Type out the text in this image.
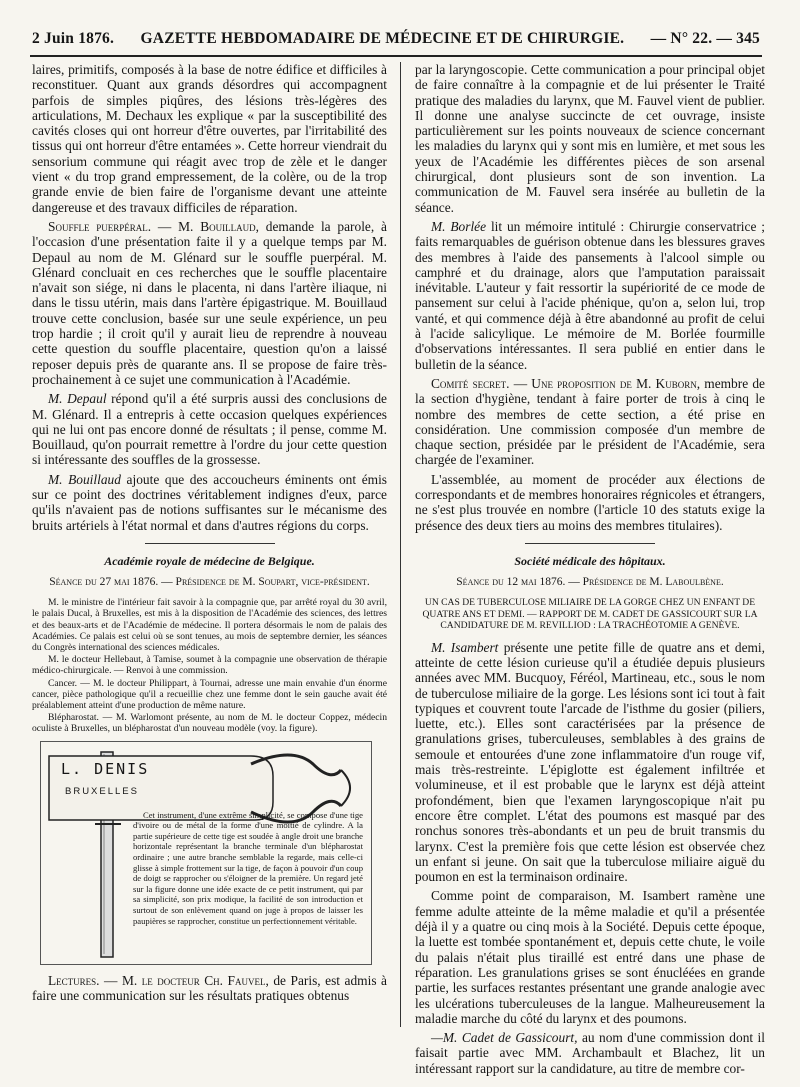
2 Juin 1876. GAZETTE HEBDOMADAIRE DE MÉDECINE ET DE CHIRURGIE. — N° 22. — 345

laires, primitifs, composés à la base de notre édifice et difficiles à reconstituer. Quant aux grands désordres qui accompagnent parfois de simples piqûres, des lésions très-légères des articulations, M. Dechaux les explique « par la susceptibilité des cavités closes qui ont horreur d'être ouvertes, par l'irritabilité des tissus qui ont horreur d'être entamées ». Cette horreur viendrait du sensorium commune qui réagit avec trop de zèle et le danger vient « du trop grand empressement, de la colère, ou de la trop grande envie de bien faire de l'organisme devant une atteinte dangereuse et des travaux difficiles de réparation.

Souffle puerpéral. — M. Bouillaud, demande la parole, à l'occasion d'une présentation faite il y a quelque temps par M. Depaul au nom de M. Glénard sur le souffle puerpéral. M. Glénard concluait en ces recherches que le souffle placentaire n'avait son siége, ni dans le placenta, ni dans l'artère iliaque, ni dans le tissu utérin, mais dans l'artère épigastrique. M. Bouillaud trouve cette conclusion, basée sur une seule expérience, un peu trop hardie ; il croit qu'il y aurait lieu de reprendre à nouveau cette question du souffle placentaire, question qu'on a laissé reposer depuis près de quarante ans. Il se propose de faire très-prochainement à ce sujet une communication à l'Académie.

M. Depaul répond qu'il a été surpris aussi des conclusions de M. Glénard. Il a entrepris à cette occasion quelques expériences qui ne lui ont pas encore donné de résultats ; il pense, comme M. Bouillaud, qu'on pourrait remettre à l'ordre du jour cette question si intéressante des souffles de la grossesse.

M. Bouillaud ajoute que des accoucheurs éminents ont émis sur ce point des doctrines véritablement indignes d'eux, parce qu'ils n'avaient pas de notions suffisantes sur le mécanisme des bruits artériels à l'état normal et dans d'autres régions du corps.

Académie royale de médecine de Belgique.

Séance du 27 mai 1876. — Présidence de M. Soupart, vice-président.

M. le ministre de l'intérieur fait savoir à la compagnie que, par arrêté royal du 30 avril, le palais Ducal, à Bruxelles, est mis à la disposition de l'Académie des sciences, des lettres et des beaux-arts et de l'Académie de médecine. Il portera désormais le nom de palais des Académies. Ce palais est celui où se sont tenues, au mois de septembre dernier, les séances du Congrès international des sciences médicales.

M. le docteur Hellebaut, à Tamise, soumet à la compagnie une observation de thérapie médico-chirurgicale. — Renvoi à une commission.

Cancer. — M. le docteur Philippart, à Tournai, adresse une main envahie d'un énorme cancer, pièce pathologique qu'il a recueillie chez une femme dont le sein gauche avait été préalablement atteint d'une production de même nature.

Blépharostat. — M. Warlomont présente, au nom de M. le docteur Coppez, médecin oculiste à Bruxelles, un blépharostat d'un nouveau modèle (voy. la figure).

L. DENIS
BRUXELLES

Cet instrument, d'une extrême simplicité, se compose d'une tige d'ivoire ou de métal de la forme d'une moitié de cylindre. A la partie supérieure de cette tige est soudée à angle droit une branche horizontale représentant la branche terminale d'un blépharostat ordinaire ; une autre branche semblable la regarde, mais celle-ci glisse à simple frottement sur la tige, de façon à pouvoir d'un coup de doigt se rapprocher ou s'éloigner de la première. Un regard jeté sur la figure donne une idée exacte de ce petit instrument, qui par sa simplicité, son prix modique, la facilité de son introduction et surtout de son enlèvement quand on juge à propos de laisser les paupières se rapprocher, constitue un perfectionnement véritable.

Lectures. — M. le docteur Ch. Fauvel, de Paris, est admis à faire une communication sur les résultats pratiques obtenus

par la laryngoscopie. Cette communication a pour principal objet de faire connaître à la compagnie et de lui présenter le Traité pratique des maladies du larynx, que M. Fauvel vient de publier. Il donne une analyse succincte de cet ouvrage, insiste particulièrement sur les points nouveaux de science concernant les maladies du larynx qui y sont mis en lumière, et met sous les yeux de l'Académie les différentes pièces de son arsenal chirurgical, dont plusieurs sont de son invention. La communication de M. Fauvel sera insérée au bulletin de la séance.

M. Borlée lit un mémoire intitulé : Chirurgie conservatrice ; faits remarquables de guérison obtenue dans les blessures graves des membres à l'aide des pansements à l'alcool simple ou camphré et du drainage, alors que l'amputation paraissait inévitable. L'auteur y fait ressortir la supériorité de ce mode de pansement sur celui à l'acide phénique, qu'on a, selon lui, trop vanté, et qui commence déjà à être abandonné au profit de celui à l'acide salicylique. Le mémoire de M. Borlée fourmille d'observations intéressantes. Il sera publié en entier dans le bulletin de la séance.

Comité secret. — Une proposition de M. Kuborn, membre de la section d'hygiène, tendant à faire porter de trois à cinq le nombre des membres de cette section, a été prise en considération. Une commission composée d'un membre de chaque section, présidée par le président de l'Académie, sera chargée de l'examiner.

L'assemblée, au moment de procéder aux élections de correspondants et de membres honoraires régnicoles et étrangers, ne s'est plus trouvée en nombre (l'article 10 des statuts exige la présence des deux tiers au moins des membres titulaires).

Société médicale des hôpitaux.

Séance du 12 mai 1876. — Présidence de M. Laboulbène.

UN CAS DE TUBERCULOSE MILIAIRE DE LA GORGE CHEZ UN ENFANT DE QUATRE ANS ET DEMI. — RAPPORT DE M. CADET DE GASSICOURT SUR LA CANDIDATURE DE M. REVILLIOD : LA TRACHÉOTOMIE A GENÈVE.

M. Isambert présente une petite fille de quatre ans et demi, atteinte de cette lésion curieuse qu'il a étudiée depuis plusieurs années avec MM. Bucquoy, Féréol, Martineau, etc., sous le nom de tuberculose miliaire de la gorge. Les lésions sont ici tout à fait typiques et couvrent toute l'arcade de l'isthme du gosier (piliers, luette, etc.). Elles sont caractérisées par la présence de granulations grises, tuberculeuses, semblables à des grains de semoule et entourées d'une zone inflammatoire d'un rouge vif, mais très-restreinte. L'épiglotte est également infiltrée et volumineuse, et il est probable que le larynx est déjà atteint profondément, bien que l'examen laryngoscopique n'ait pu encore être complet. L'état des poumons est masqué par des ronchus sonores très-abondants et un peu de bruit transmis du larynx. C'est la première fois que cette lésion est observée chez un enfant si jeune. On sait que la tuberculose miliaire aiguë du poumon en est la terminaison ordinaire.

Comme point de comparaison, M. Isambert ramène une femme adulte atteinte de la même maladie et qu'il a présentée déjà il y a quatre ou cinq mois à la Société. Depuis cette époque, la luette est tombée spontanément et, depuis cette chute, le voile du palais n'était plus tiraillé est entré dans une phase de réparation. Les granulations grises se sont énucléées en grande partie, les surfaces restantes présentant une grande analogie avec les ulcérations tuberculeuses de la langue. Malheureusement la maladie marche du côté du larynx et des poumons.

—M. Cadet de Gassicourt, au nom d'une commission dont il faisait partie avec MM. Archambault et Blachez, lit un intéressant rapport sur la candidature, au titre de membre cor-
